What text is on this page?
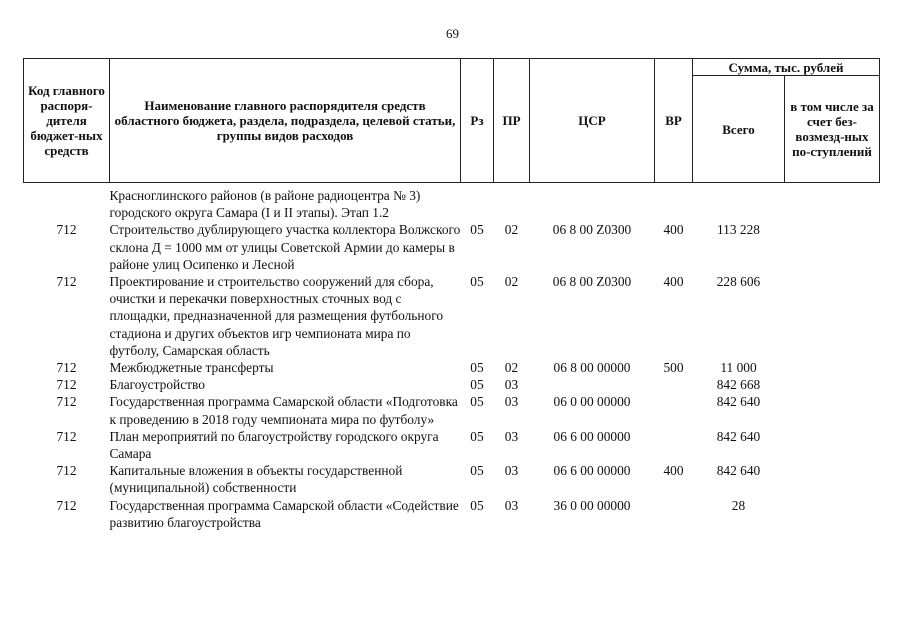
69
Код главного распоря-дителя бюджет-ных средств	Наименование главного распорядителя средств областного бюджета, раздела, подраздела, целевой статьи, группы видов расходов	Рз	ПР	ЦСР	ВР	Сумма, тыс. рублей	
						Всего	в том числе за счет без-возмезд-ных по-ступлений
	Красноглинского районов (в районе радиоцентра № 3) городского округа Самара (I и II этапы). Этап 1.2						
712	Строительство дублирующего участка коллектора Волжского склона Д = 1000 мм от улицы Советской Армии до камеры в районе улиц Осипенко и Лесной	05	02	06 8 00 Z0300	400	113 228	
712	Проектирование и строительство сооружений для сбора, очистки и перекачки поверхностных сточных вод с площадки, предназначенной для размещения футбольного стадиона и других объектов игр чемпионата мира по футболу, Самарская область	05	02	06 8 00 Z0300	400	228 606	
712	Межбюджетные трансферты	05	02	06 8 00 00000	500	11 000	
712	Благоустройство	05	03			842 668	
712	Государственная программа Самарской области «Подготовка к проведению в 2018 году чемпионата мира по футболу»	05	03	06 0 00 00000		842 640	
712	План мероприятий по благоустройству городского округа Самара	05	03	06 6 00 00000		842 640	
712	Капитальные вложения в объекты государственной (муниципальной) собственности	05	03	06 6 00 00000	400	842 640	
712	Государственная программа Самарской области «Содействие развитию благоустройства	05	03	36 0 00 00000		28	
